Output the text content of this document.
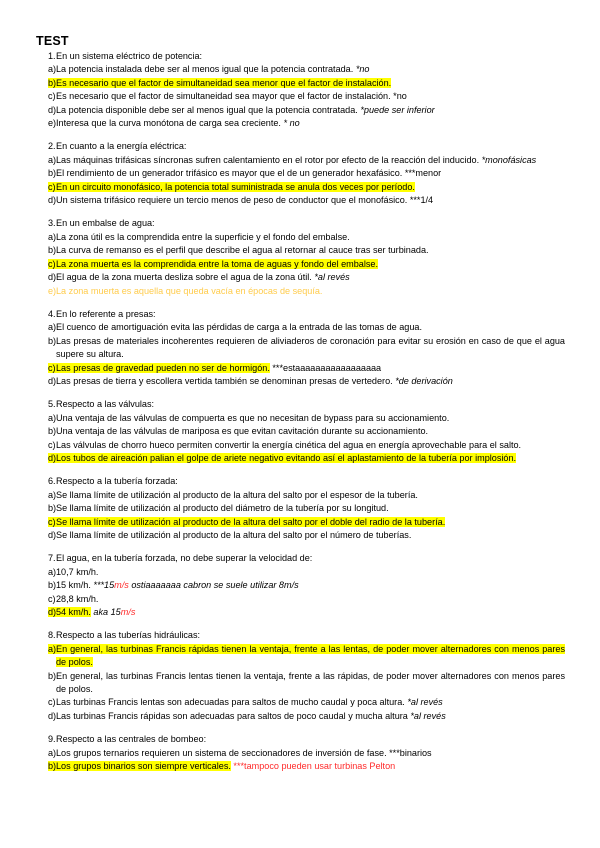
TEST
1. En un sistema eléctrico de potencia:
a) La potencia instalada debe ser al menos igual que la potencia contratada. *no
b) Es necesario que el factor de simultaneidad sea menor que el factor de instalación.
c) Es necesario que el factor de simultaneidad sea mayor que el factor de instalación. *no
d) La potencia disponible debe ser al menos igual que la potencia contratada. *puede ser inferior
e) Interesa que la curva monótona de carga sea creciente. * no
2. En cuanto a la energía eléctrica:
a) Las máquinas trifásicas síncronas sufren calentamiento en el rotor por efecto de la reacción del inducido. *monofásicas
b) El rendimiento de un generador trifásico es mayor que el de un generador hexafásico. ***menor
c) En un circuito monofásico, la potencia total suministrada se anula dos veces por período.
d) Un sistema trifásico requiere un tercio menos de peso de conductor que el monofásico. ***1/4
3. En un embalse de agua:
a) La zona útil es la comprendida entre la superficie y el fondo del embalse.
b) La curva de remanso es el perfil que describe el agua al retornar al cauce tras ser turbinada.
c) La zona muerta es la comprendida entre la toma de aguas y fondo del embalse.
d) El agua de la zona muerta desliza sobre el agua de la zona útil. *al revés
e) La zona muerta es aquella que queda vacía en épocas de sequía.
4. En lo referente a presas:
a) El cuenco de amortiguación evita las pérdidas de carga a la entrada de las tomas de agua.
b) Las presas de materiales incoherentes requieren de aliviaderos de coronación para evitar su erosión en caso de que el agua supere su altura.
c) Las presas de gravedad pueden no ser de hormigón. ***estaaaaaaaaaaaaaaaaa
d) Las presas de tierra y escollera vertida también se denominan presas de vertedero. *de derivación
5. Respecto a las válvulas:
a) Una ventaja de las válvulas de compuerta es que no necesitan de bypass para su accionamiento.
b) Una ventaja de las válvulas de mariposa es que evitan cavitación durante su accionamiento.
c) Las válvulas de chorro hueco permiten convertir la energía cinética del agua en energía aprovechable para el salto.
d) Los tubos de aireación palian el golpe de ariete negativo evitando así el aplastamiento de la tubería por implosión.
6. Respecto a la tubería forzada:
a) Se llama límite de utilización al producto de la altura del salto por el espesor de la tubería.
b) Se llama límite de utilización al producto del diámetro de la tubería por su longitud.
c) Se llama límite de utilización al producto de la altura del salto por el doble del radio de la tubería.
d) Se llama límite de utilización al producto de la altura del salto por el número de tuberías.
7. El agua, en la tubería forzada, no debe superar la velocidad de:
a) 10,7 km/h.
b) 15 km/h. ***15m/s ostiaaaaaaa cabron se suele utilizar 8m/s
c) 28,8 km/h.
d) 54 km/h. aka 15m/s
8. Respecto a las tuberías hidráulicas:
a) En general, las turbinas Francis rápidas tienen la ventaja, frente a las lentas, de poder mover alternadores con menos pares de polos.
b) En general, las turbinas Francis lentas tienen la ventaja, frente a las rápidas, de poder mover alternadores con menos pares de polos.
c) Las turbinas Francis lentas son adecuadas para saltos de mucho caudal y poca altura. *al revés
d) Las turbinas Francis rápidas son adecuadas para saltos de poco caudal y mucha altura *al revés
9. Respecto a las centrales de bombeo:
a) Los grupos ternarios requieren un sistema de seccionadores de inversión de fase. ***binarios
b) Los grupos binarios son siempre verticales. ***tampoco pueden usar turbinas Pelton
